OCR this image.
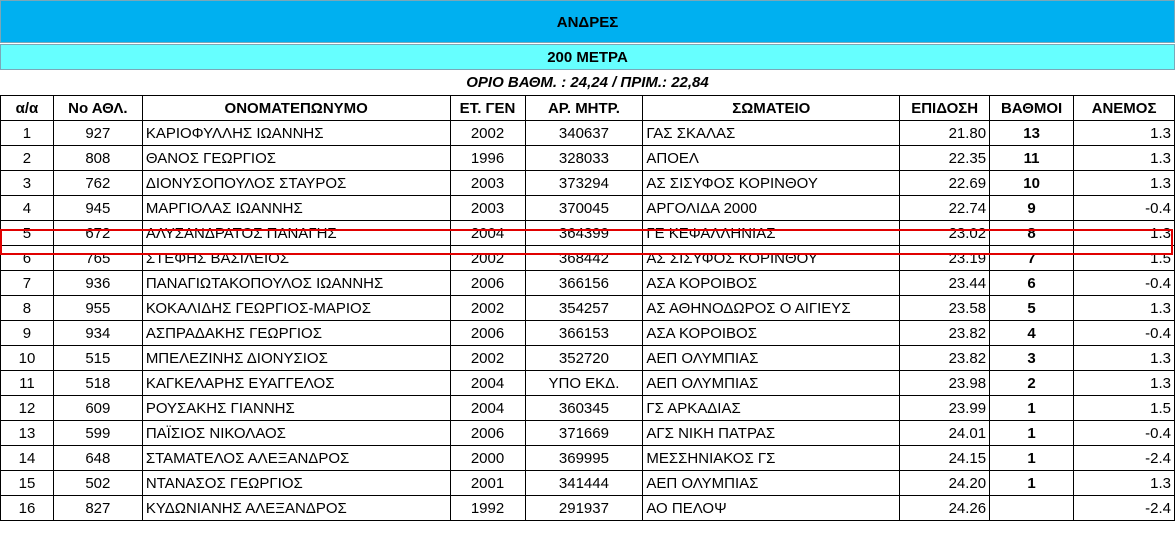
ΑΝΔΡΕΣ
200 ΜΕΤΡΑ
ΟΡΙΟ ΒΑΘΜ. : 24,24 / ΠΡΙΜ.: 22,84
α/α	Νο ΑΘΛ.	ΟΝΟΜΑΤΕΠΩΝΥΜΟ	ΕΤ. ΓΕΝ	ΑΡ. ΜΗΤΡ.	ΣΩΜΑΤΕΙΟ	ΕΠΙΔΟΣΗ	ΒΑΘΜΟΙ	ΑΝΕΜΟΣ
1	927	ΚΑΡΙΟΦΥΛΛΗΣ ΙΩΑΝΝΗΣ	2002	340637	ΓΑΣ ΣΚΑΛΑΣ	21.80	13	1.3
2	808	ΘΑΝΟΣ ΓΕΩΡΓΙΟΣ	1996	328033	ΑΠΟΕΛ	22.35	11	1.3
3	762	ΔΙΟΝΥΣΟΠΟΥΛΟΣ ΣΤΑΥΡΟΣ	2003	373294	ΑΣ ΣΙΣΥΦΟΣ ΚΟΡΙΝΘΟΥ	22.69	10	1.3
4	945	ΜΑΡΓΙΟΛΑΣ ΙΩΑΝΝΗΣ	2003	370045	ΑΡΓΟΛΙΔΑ 2000	22.74	9	-0.4
5	672	ΑΛΥΣΑΝΔΡΑΤΟΣ ΠΑΝΑΓΗΣ	2004	364399	ΓΕ ΚΕΦΑΛΛΗΝΙΑΣ	23.02	8	1.3
6	765	ΣΤΕΦΗΣ ΒΑΣΙΛΕΙΟΣ	2002	368442	ΑΣ ΣΙΣΥΦΟΣ ΚΟΡΙΝΘΟΥ	23.19	7	1.5
7	936	ΠΑΝΑΓΙΩΤΑΚΟΠΟΥΛΟΣ ΙΩΑΝΝΗΣ	2006	366156	ΑΣΑ ΚΟΡΟΙΒΟΣ	23.44	6	-0.4
8	955	ΚΟΚΑΛΙΔΗΣ ΓΕΩΡΓΙΟΣ-ΜΑΡΙΟΣ	2002	354257	ΑΣ ΑΘΗΝΟΔΩΡΟΣ Ο ΑΙΓΙΕΥΣ	23.58	5	1.3
9	934	ΑΣΠΡΑΔΑΚΗΣ ΓΕΩΡΓΙΟΣ	2006	366153	ΑΣΑ ΚΟΡΟΙΒΟΣ	23.82	4	-0.4
10	515	ΜΠΕΛΕΖΙΝΗΣ ΔΙΟΝΥΣΙΟΣ	2002	352720	ΑΕΠ ΟΛΥΜΠΙΑΣ	23.82	3	1.3
11	518	ΚΑΓΚΕΛΑΡΗΣ ΕΥΑΓΓΕΛΟΣ	2004	ΥΠΟ ΕΚΔ.	ΑΕΠ ΟΛΥΜΠΙΑΣ	23.98	2	1.3
12	609	ΡΟΥΣΑΚΗΣ ΓΙΑΝΝΗΣ	2004	360345	ΓΣ ΑΡΚΑΔΙΑΣ	23.99	1	1.5
13	599	ΠΑΪΣΙΟΣ ΝΙΚΟΛΑΟΣ	2006	371669	ΑΓΣ ΝΙΚΗ ΠΑΤΡΑΣ	24.01	1	-0.4
14	648	ΣΤΑΜΑΤΕΛΟΣ ΑΛΕΞΑΝΔΡΟΣ	2000	369995	ΜΕΣΣΗΝΙΑΚΟΣ ΓΣ	24.15	1	-2.4
15	502	ΝΤΑΝΑΣΟΣ ΓΕΩΡΓΙΟΣ	2001	341444	ΑΕΠ ΟΛΥΜΠΙΑΣ	24.20	1	1.3
16	827	ΚΥΔΩΝΙΑΝΗΣ ΑΛΕΞΑΝΔΡΟΣ	1992	291937	ΑΟ ΠΕΛΟΨ	24.26		-2.4
